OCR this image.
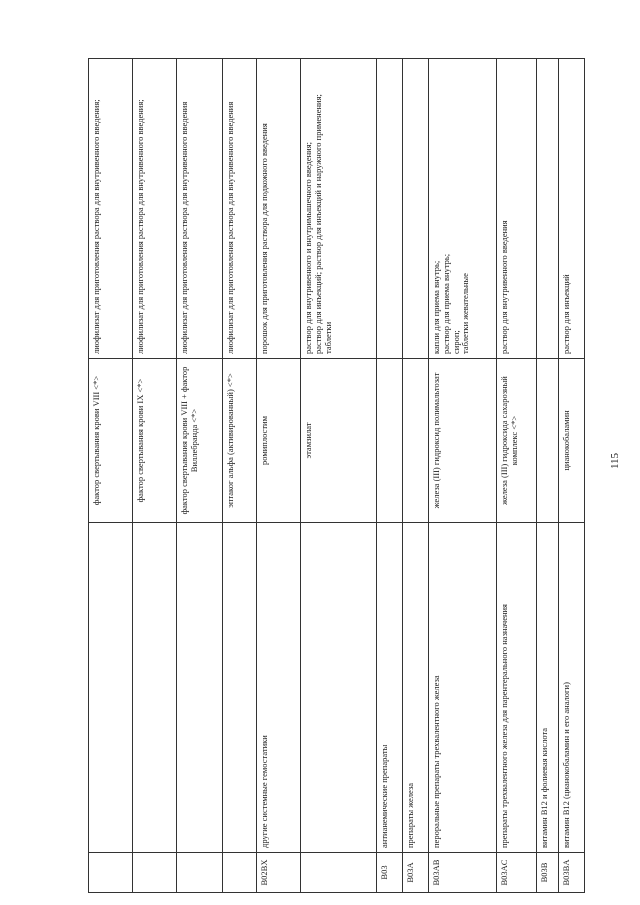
		фактор свертывания крови VIII <*>	лиофилизат для приготовления раствора для внутривенного введения;
		фактор свертывания крови IX <*>	лиофилизат для приготовления раствора для внутривенного введения;
		фактор свертывания крови VIII + фактор Виллебранда <*>	лиофилизат для приготовления раствора для внутривенного введения
		эптаког альфа (активированный) <*>	лиофилизат для приготовления раствора для внутривенного введения
B02BX	другие системные гемостатики	ромиплостим	порошок для приготовления раствора для подкожного введения
		этамзилат	раствор для внутривенного и внутримышечного введения;
раствор для инъекций; раствор для инъекций и наружного применения;
таблетки
B03	антианемические препараты		
B03A	препараты железа		
B03AB	пероральные препараты трехвалентного железа	железа (III) гидроксид полимальтозат	капли для приема внутрь;
раствор для приема внутрь;
сироп;
таблетки жевательные
B03AC	препараты трехвалентного железа для парентерального назначения	железа (III) гидроксида сахарозный комплекс <*>	раствор для внутривенного введения
B03B	витамин B12 и фолиевая кислота		
B03BA	витамин B12 (цианокобаламин и его аналоги)	цианокобаламин	раствор для инъекций
115
